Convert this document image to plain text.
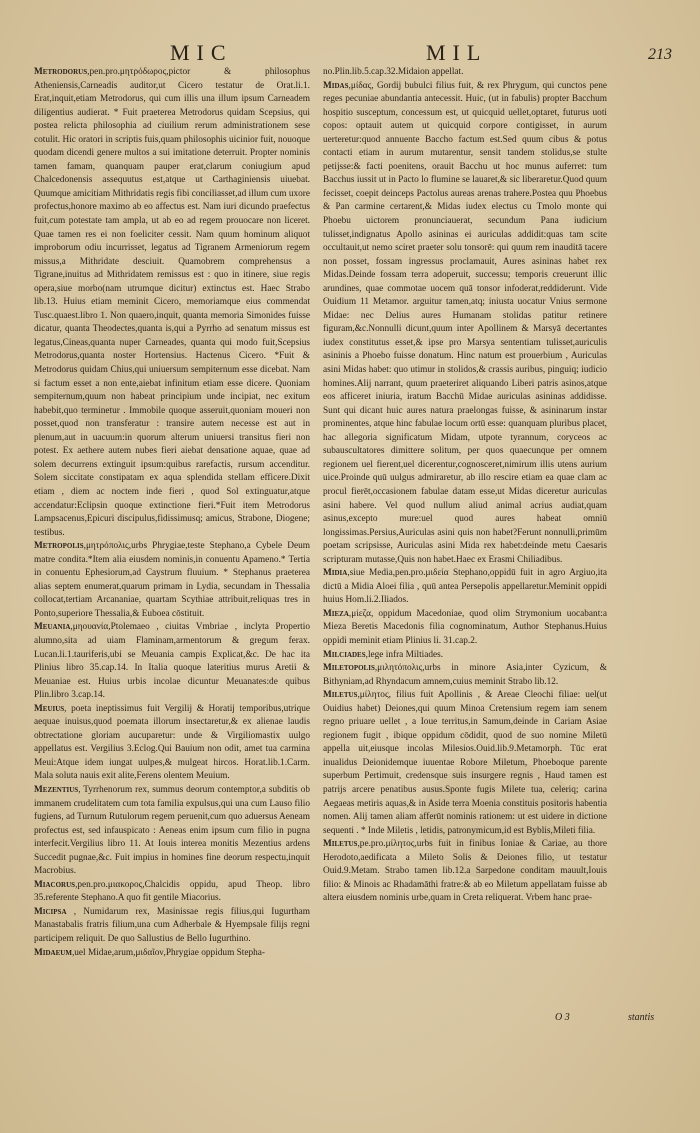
MIC	MIL	213

Metrodorus,pen.pro.μητρόδωρος,pictor & philosophus Atheniensis,Carneadis auditor,ut Cicero testatur de Orat.li.1. Erat,inquit,etiam Metrodorus, qui cum illis una illum ipsum Carneadem diligentius audierat. * Fuit praeterea Metrodorus quidam Scepsius, qui postea relicta philosophia ad ciuilium rerum administrationem sese cotulit. Hic oratori in scriptis fuis,quam philosophis uicinior fuit, nouoque quodam dicendi genere multos a sui imitatione deterruit. Propter nominis tamen famam, quanquam pauper erat,clarum coniugium apud Chalcedonensis assequutus est,atque ut Carthaginiensis uiuebat. Quumque amicitiam Mithridatis regis fibi conciliasset,ad illum cum uxore profectus,honore maximo ab eo affectus est. Nam iuri dicundo praefectus fuit,cum potestate tam ampla, ut ab eo ad regem prouocare non liceret. Quae tamen res ei non foeliciter cessit. Nam quum hominum aliquot improborum odiu incurrisset, legatus ad Tigranem Armeniorum regem missus,a Mithridate desciuit. Quamobrem comprehensus a Tigrane,inuitus ad Mithridatem remissus est : quo in itinere, siue regis opera,siue morbo(nam utrumque dicitur) extinctus est. Haec Strabo lib.13. Huius etiam meminit Cicero, memoriamque eius commendat Tusc.quaest.libro 1. Non quaero,inquit, quanta memoria Simonides fuisse dicatur, quanta Theodectes,quanta is,qui a Pyrrho ad senatum missus est legatus,Cineas,quanta nuper Carneades, quanta qui modo fuit,Scepsius Metrodorus,quanta noster Hortensius. Hactenus Cicero. *Fuit & Metrodorus quidam Chius,qui uniuersum sempiternum esse dicebat. Nam si factum esset a non ente,aiebat infinitum etiam esse dicere. Quoniam sempiternum,quum non habeat principium unde incipiat, nec exitum habebit,quo terminetur . Immobile quoque asseruit,quoniam moueri non posset,quod non transferatur : transire autem necesse est aut in plenum,aut in uacuum:in quorum alterum uniuersi transitus fieri non potest. Ex aethere autem nubes fieri aiebat densatione aquae, quae ad solem decurrens extinguit ipsum:quibus rarefactis, rursum accenditur. Solem siccitate constipatam ex aqua splendida stellam efficere.Dixit etiam , diem ac noctem inde fieri , quod Sol extinguatur,atque accendatur:Eclipsin quoque extinctione fieri.*Fuit item Metrodorus Lampsacenus,Epicuri discipulus,fidissimusq; amicus, Strabone, Diogene; testibus.

Metropolis,μητρόπολις,urbs Phrygiae,teste Stephano,a Cybele Deum matre condita.*Item alia eiusdem nominis,in conuentu Apameno.* Tertia in conuentu Ephesiorum,ad Caystrum fluuium. * Stephanus praeterea alias septem enumerat,quarum primam in Lydia, secundam in Thessalia collocat,tertiam Arcananiae, quartam Scythiae attribuit,reliquas tres in Ponto,superiore Thessalia,& Euboea cōstituit.

Meuania,μηουανία,Ptolemaeo , ciuitas Vmbriae , inclyta Propertio alumno,sita ad uiam Flaminam,armentorum & gregum ferax. Lucan.li.1.tauriferis,ubi se Meuania campis Explicat,&c. De hac ita Plinius libro 35.cap.14. In Italia quoque lateritius murus Aretii & Meuaniae est. Huius urbis incolae dicuntur Meuanates:de quibus Plin.libro 3.cap.14.

Meuius, poeta ineptissimus fuit Vergilij & Horatij temporibus,utrique aequae inuisus,quod poemata illorum insectaretur,& ex alienae laudis obtrectatione gloriam aucuparetur: unde & Virgiliomastix uulgo appellatus est. Vergilius 3.Eclog.Qui Bauium non odit, amet tua carmina Meui:Atque idem iungat uulpes,& mulgeat hircos. Horat.lib.1.Carm. Mala soluta nauis exit alite,Ferens olentem Meuium.

Mezentius, Tyrrhenorum rex, summus deorum contemptor,a subditis ob immanem crudelitatem cum tota familia expulsus,qui una cum Lauso filio fugiens, ad Turnum Rutulorum regem peruenit,cum quo aduersus Aeneam profectus est, sed infauspicato : Aeneas enim ipsum cum filio in pugna interfecit.Vergilius libro 11. At Iouis interea monitis Mezentius ardens Succedit pugnae,&c. Fuit impius in homines fine deorum respectu,inquit Macrobius.

Miacorus,pen.pro.μιακορος,Chalcidis oppidu, apud Theop. libro 35.referente Stephano.A quo fit gentile Miacorius.

Micipsa , Numidarum rex, Masinissae regis filius,qui Iugurtham Manastabalis fratris filium,una cum Adherbale & Hyempsale filijs regni participem reliquit. De quo Sallustius de Bello Iugurthino.

Midaeum,uel Midae,arum,μιδαῖον,Phrygiae oppidum Stepha-

no.Plin.lib.5.cap.32.Midaion appellat.

Midas,μίδας, Gordij bubulci filius fuit, & rex Phrygum, qui cunctos pene reges pecuniae abundantia antecessit. Huic, (ut in fabulis) propter Bacchum hospitio susceptum, concessum est, ut quicquid uellet,optaret, futurus uoti copos: optauit autem ut quicquid corpore contigisset, in aurum uerteretur:quod annuente Baccho factum est.Sed quum cibus & potus contacti etiam in aurum mutarentur, sensit tandem stolidus,se stulte petijsse:& facti poenitens, orauit Bacchu ut hoc munus auferret: tum Bacchus iussit ut in Pacto lo flumine se lauaret,& sic liberaretur.Quod quum fecisset, coepit deinceps Pactolus aureas arenas trahere.Postea quu Phoebus & Pan carmine certarent,& Midas iudex electus cu Tmolo monte qui Phoebu uictorem pronunciauerat, secundum Pana iudicium tulisset,indignatus Apollo asininas ei auriculas addidit:quas tam scite occultauit,ut nemo sciret praeter solu tonsorē: qui quum rem inauditā tacere non posset, fossam ingressus proclamauit, Aures asininas habet rex Midas.Deinde fossam terra adoperuit, successu; temporis creuerunt illic arundines, quae commotae uocem quā tonsor infoderat,reddiderunt. Vide Ouidium 11 Metamor. arguitur tamen,atq; iniusta uocatur Vnius sermone Midae: nec Delius aures Humanam stolidas patitur retinere figuram,&c.Nonnulli dicunt,quum inter Apollinem & Marsyā decertantes iudex constitutus esset,& ipse pro Marsya sententiam tulisset,auriculis asininis a Phoebo fuisse donatum. Hinc natum est prouerbium , Auriculas asini Midas habet: quo utimur in stolidos,& crassis auribus, pinguiq; iudicio homines.Alij narrant, quum praeteriret aliquando Liberi patris asinos,atque eos afficeret iniuria, iratum Bacchū Midae auriculas asininas addidisse. Sunt qui dicant huic aures natura praelongas fuisse, & asininarum instar prominentes, atque hinc fabulae locum ortū esse: quanquam pluribus placet, hac allegoria significatum Midam, utpote tyrannum, coryceos ac subauscultatores dimittere solitum, per quos quaecunque per omnem regionem uel fierent,uel dicerentur,cognosceret,nimirum illis utens aurium uice.Proinde quū uulgus admiraretur, ab illo rescire etiam ea quae clam ac procul fierēt,occasionem fabulae datam esse,ut Midas diceretur auriculas asini habere. Vel quod nullum aliud animal acrius audiat,quam asinus,excepto mure:uel quod aures habeat omniū longissimas.Persius,Auriculas asini quis non habet?Ferunt nonnulli,primūm poetam scripsisse, Auriculas asini Mida rex habet:deinde metu Caesaris scripturam mutasse,Quis non habet.Haec ex Erasmi Chiliadibus.

Midia,siue Media,pen.pro.μιδεία Stephano,oppidū fuit in agro Argiuo,ita dictū a Midia Aloei filia , quū antea Persepolis appellaretur.Meminit oppidi huius Hom.li.2.Iliados.

Mieza,μίεζα, oppidum Macedoniae, quod olim Strymonium uocabant:a Mieza Beretis Macedonis filia cognominatum, Author Stephanus.Huius oppidi meminit etiam Plinius li. 31.cap.2.

Milciades,lege infra Miltiades.

Miletopolis,μιλητόπολις,urbs in minore Asia,inter Cyzicum, & Bithyniam,ad Rhyndacum amnem,cuius meminit Strabo lib.12.

Miletus,μίλητος, filius fuit Apollinis , & Areae Cleochi filiae: uel(ut Ouidius habet) Deiones,qui quum Minoa Cretensium regem iam senem regno priuare uellet , a Ioue territus,in Samum,deinde in Cariam Asiae regionem fugit , ibique oppidum cōdidit, quod de suo nomine Miletū appella uit,eiusque incolas Milesios.Ouid.lib.9.Metamorph. Tūc erat inualidus Deionidemque iuuentae Robore Miletum, Phoeboque parente superbum Pertimuit, credensque suis insurgere regnis , Haud tamen est patrijs arcere penatibus ausus.Sponte fugis Milete tua, celeriq; carina Aegaeas metiris aquas,& in Aside terra Moenia constituis positoris habentia nomen. Alij tamen aliam afferūt nominis rationem: ut est uidere in dictione sequenti . * Inde Miletis , letidis, patronymicum,id est Byblis,Mileti filia.

Miletus,pe.pro.μίλητος,urbs fuit in finibus Ioniae & Cariae, au thore Herodoto,aedificata a Mileto Solis & Deiones filio, ut testatur Ouid.9.Metam. Strabo tamen lib.12.a Sarpedone conditam mauult,Iouis filio: & Minois ac Rhadamāthi fratre:& ab eo Miletum appellatam fuisse ab altera eiusdem nominis urbe,quam in Creta reliquerat. Vrbem hanc prae-

O 3	stantis
